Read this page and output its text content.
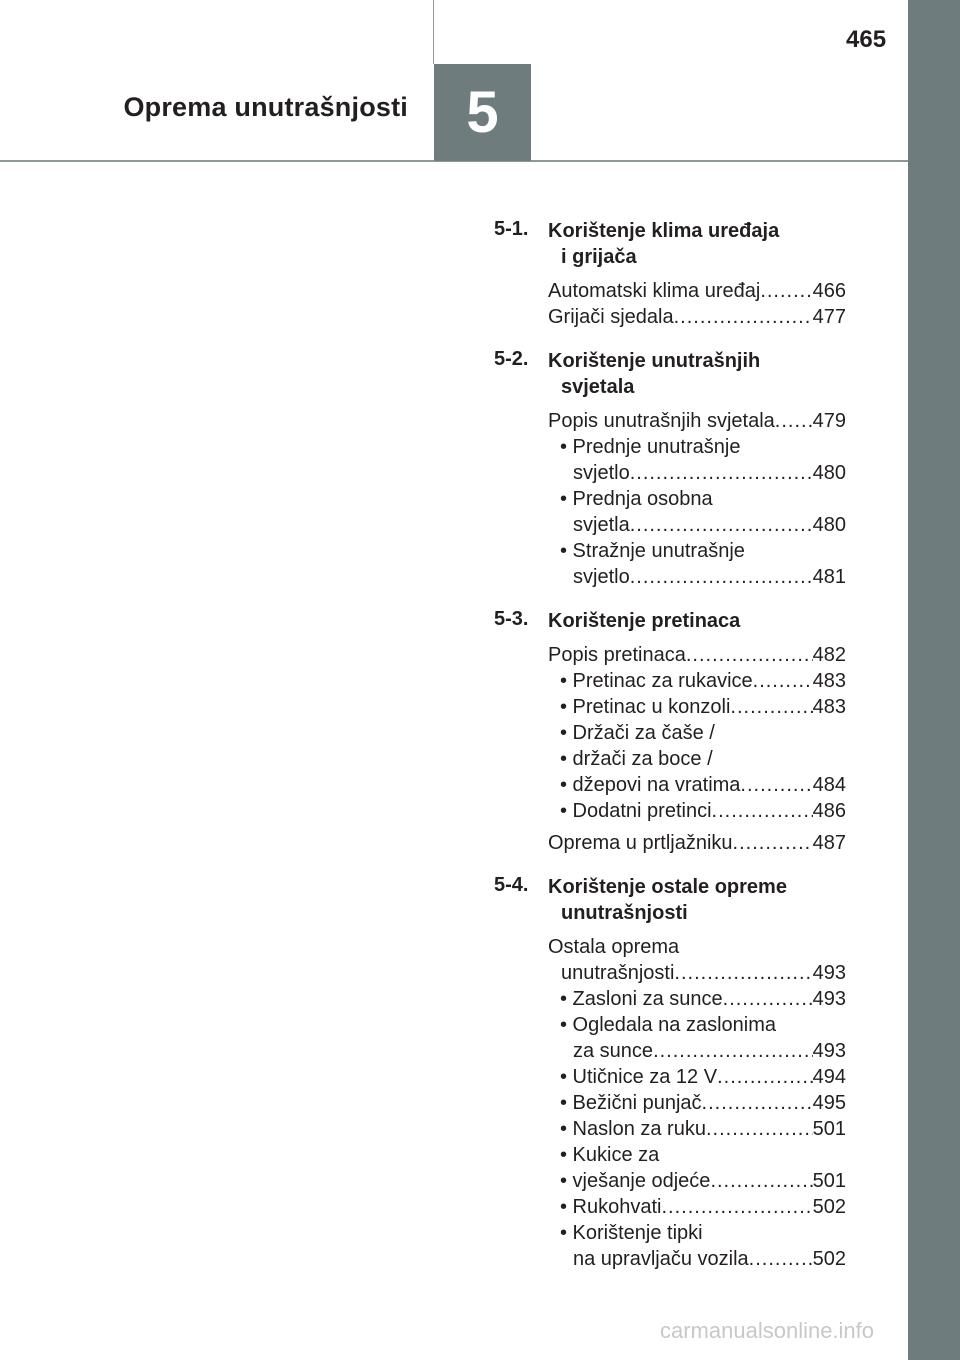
465
Oprema unutrašnjosti	5
5-1. Korištenje klima uređaja
i grijača
Automatski klima uređaj .....	466
Grijači sjedala .....	477
5-2. Korištenje unutrašnjih
svjetala
Popis unutrašnjih svjetala ..... 479
• Prednje unutrašnje
svjetlo .....	480
• Prednja osobna
svjetla .....	480
• Stražnje unutrašnje
svjetlo .....	481
5-3. Korištenje pretinaca
Popis pretinaca .....	482
• Pretinac za rukavice .....	483
• Pretinac u konzoli .....	483
• Držači za čaše /
• držači za boce /
• džepovi na vratima .....	484
• Dodatni pretinci .....	486
Oprema u prtljažniku .....	487
5-4. Korištenje ostale opreme
unutrašnjosti
Ostala oprema
unutrašnjosti .....	493
• Zasloni za sunce .....	493
• Ogledala na zaslonima
za sunce .....	493
• Utičnice za 12 V .....	494
• Bežični punjač .....	495
• Naslon za ruku .....	501
• Kukice za
• vješanje odjeće .....	501
• Rukohvati .....	502
• Korištenje tipki
na upravljaču vozila .....	502
carmanualsonline.info
